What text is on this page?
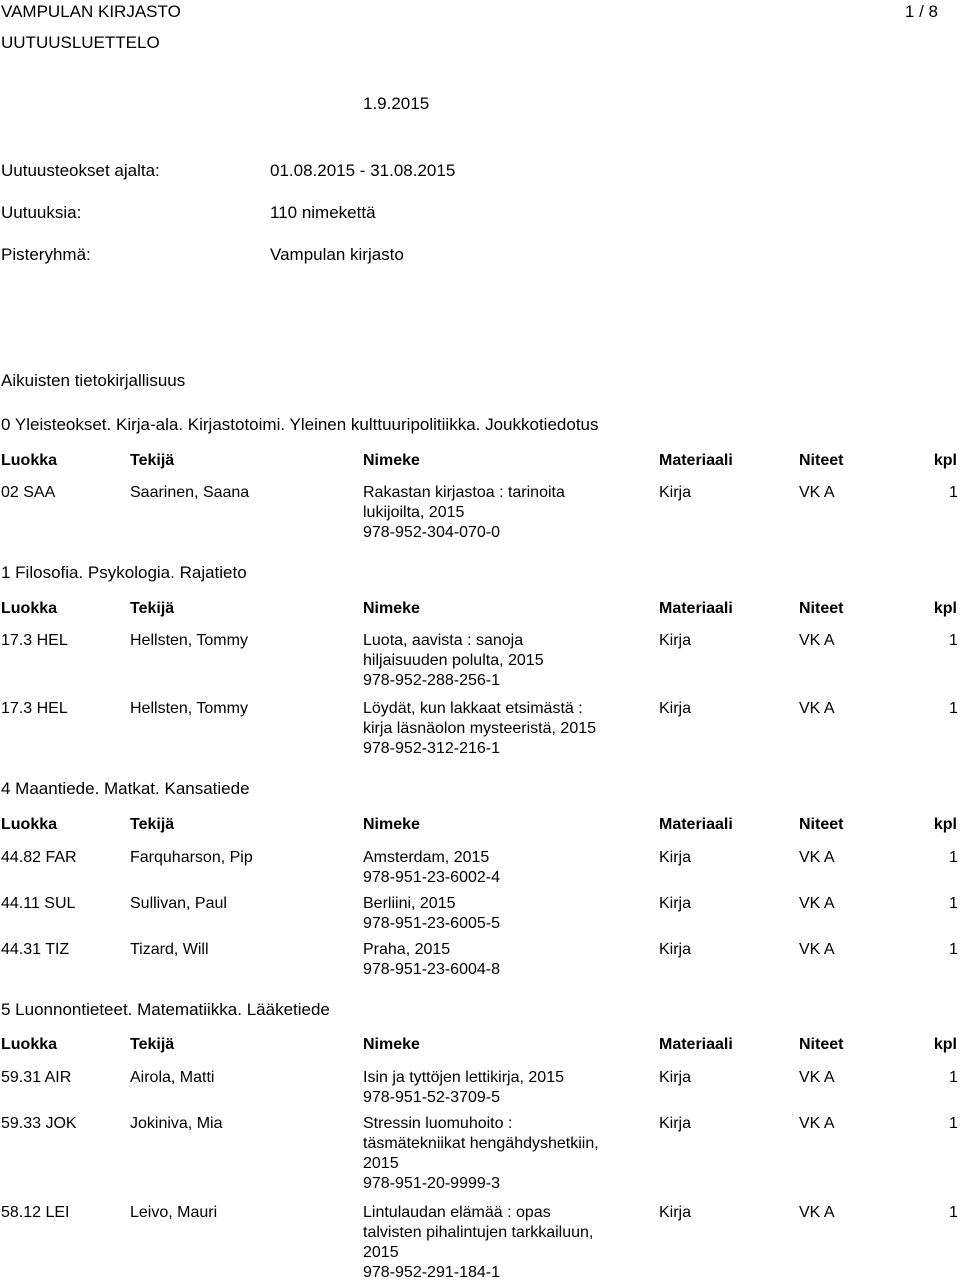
VAMPULAN KIRJASTO
UUTUUSLUETTELO
1 / 8
1.9.2015
Uutuusteokset ajalta:	01.08.2015 - 31.08.2015
Uutuuksia:	110 nimekettä
Pisteryhmä:	Vampulan kirjasto
Aikuisten tietokirjallisuus
0 Yleisteokset. Kirja-ala. Kirjastotoimi. Yleinen kulttuuripolitiikka. Joukkotiedotus
Luokka	Tekijä	Nimeke	Materiaali	Niteet	kpl
02 SAA	Saarinen, Saana	Rakastan kirjastoa : tarinoita
lukijoilta, 2015
978-952-304-070-0
Kirja	VK A	1
1 Filosofia. Psykologia. Rajatieto
Luokka	Tekijä	Nimeke	Materiaali	Niteet	kpl
17.3 HEL	Hellsten, Tommy	Luota, aavista : sanoja
hiljaisuuden polulta, 2015
978-952-288-256-1
Kirja	VK A	1
17.3 HEL	Hellsten, Tommy	Löydät, kun lakkaat etsimästä :
kirja läsnäolon mysteeristä, 2015
978-952-312-216-1
Kirja	VK A	1
4 Maantiede. Matkat. Kansatiede
Luokka	Tekijä	Nimeke	Materiaali	Niteet	kpl
44.82 FAR	Farquharson, Pip	Amsterdam, 2015
978-951-23-6002-4
Kirja	VK A	1
44.11 SUL	Sullivan, Paul	Berliini, 2015
978-951-23-6005-5
Kirja	VK A	1
44.31 TIZ	Tizard, Will	Praha, 2015
978-951-23-6004-8
Kirja	VK A	1
5 Luonnontieteet. Matematiikka. Lääketiede
Luokka	Tekijä	Nimeke	Materiaali	Niteet	kpl
59.31 AIR	Airola, Matti	Isin ja tyttöjen lettikirja, 2015
978-951-52-3709-5
Kirja	VK A	1
59.33 JOK	Jokiniva, Mia	Stressin luomuhoito :
täsmätekniikat hengähdyshetkiin,
2015
978-951-20-9999-3
Kirja	VK A	1
58.12 LEI	Leivo, Mauri	Lintulaudan elämää : opas
talvisten pihalintujen tarkkailuun,
2015
978-952-291-184-1
Kirja	VK A	1
